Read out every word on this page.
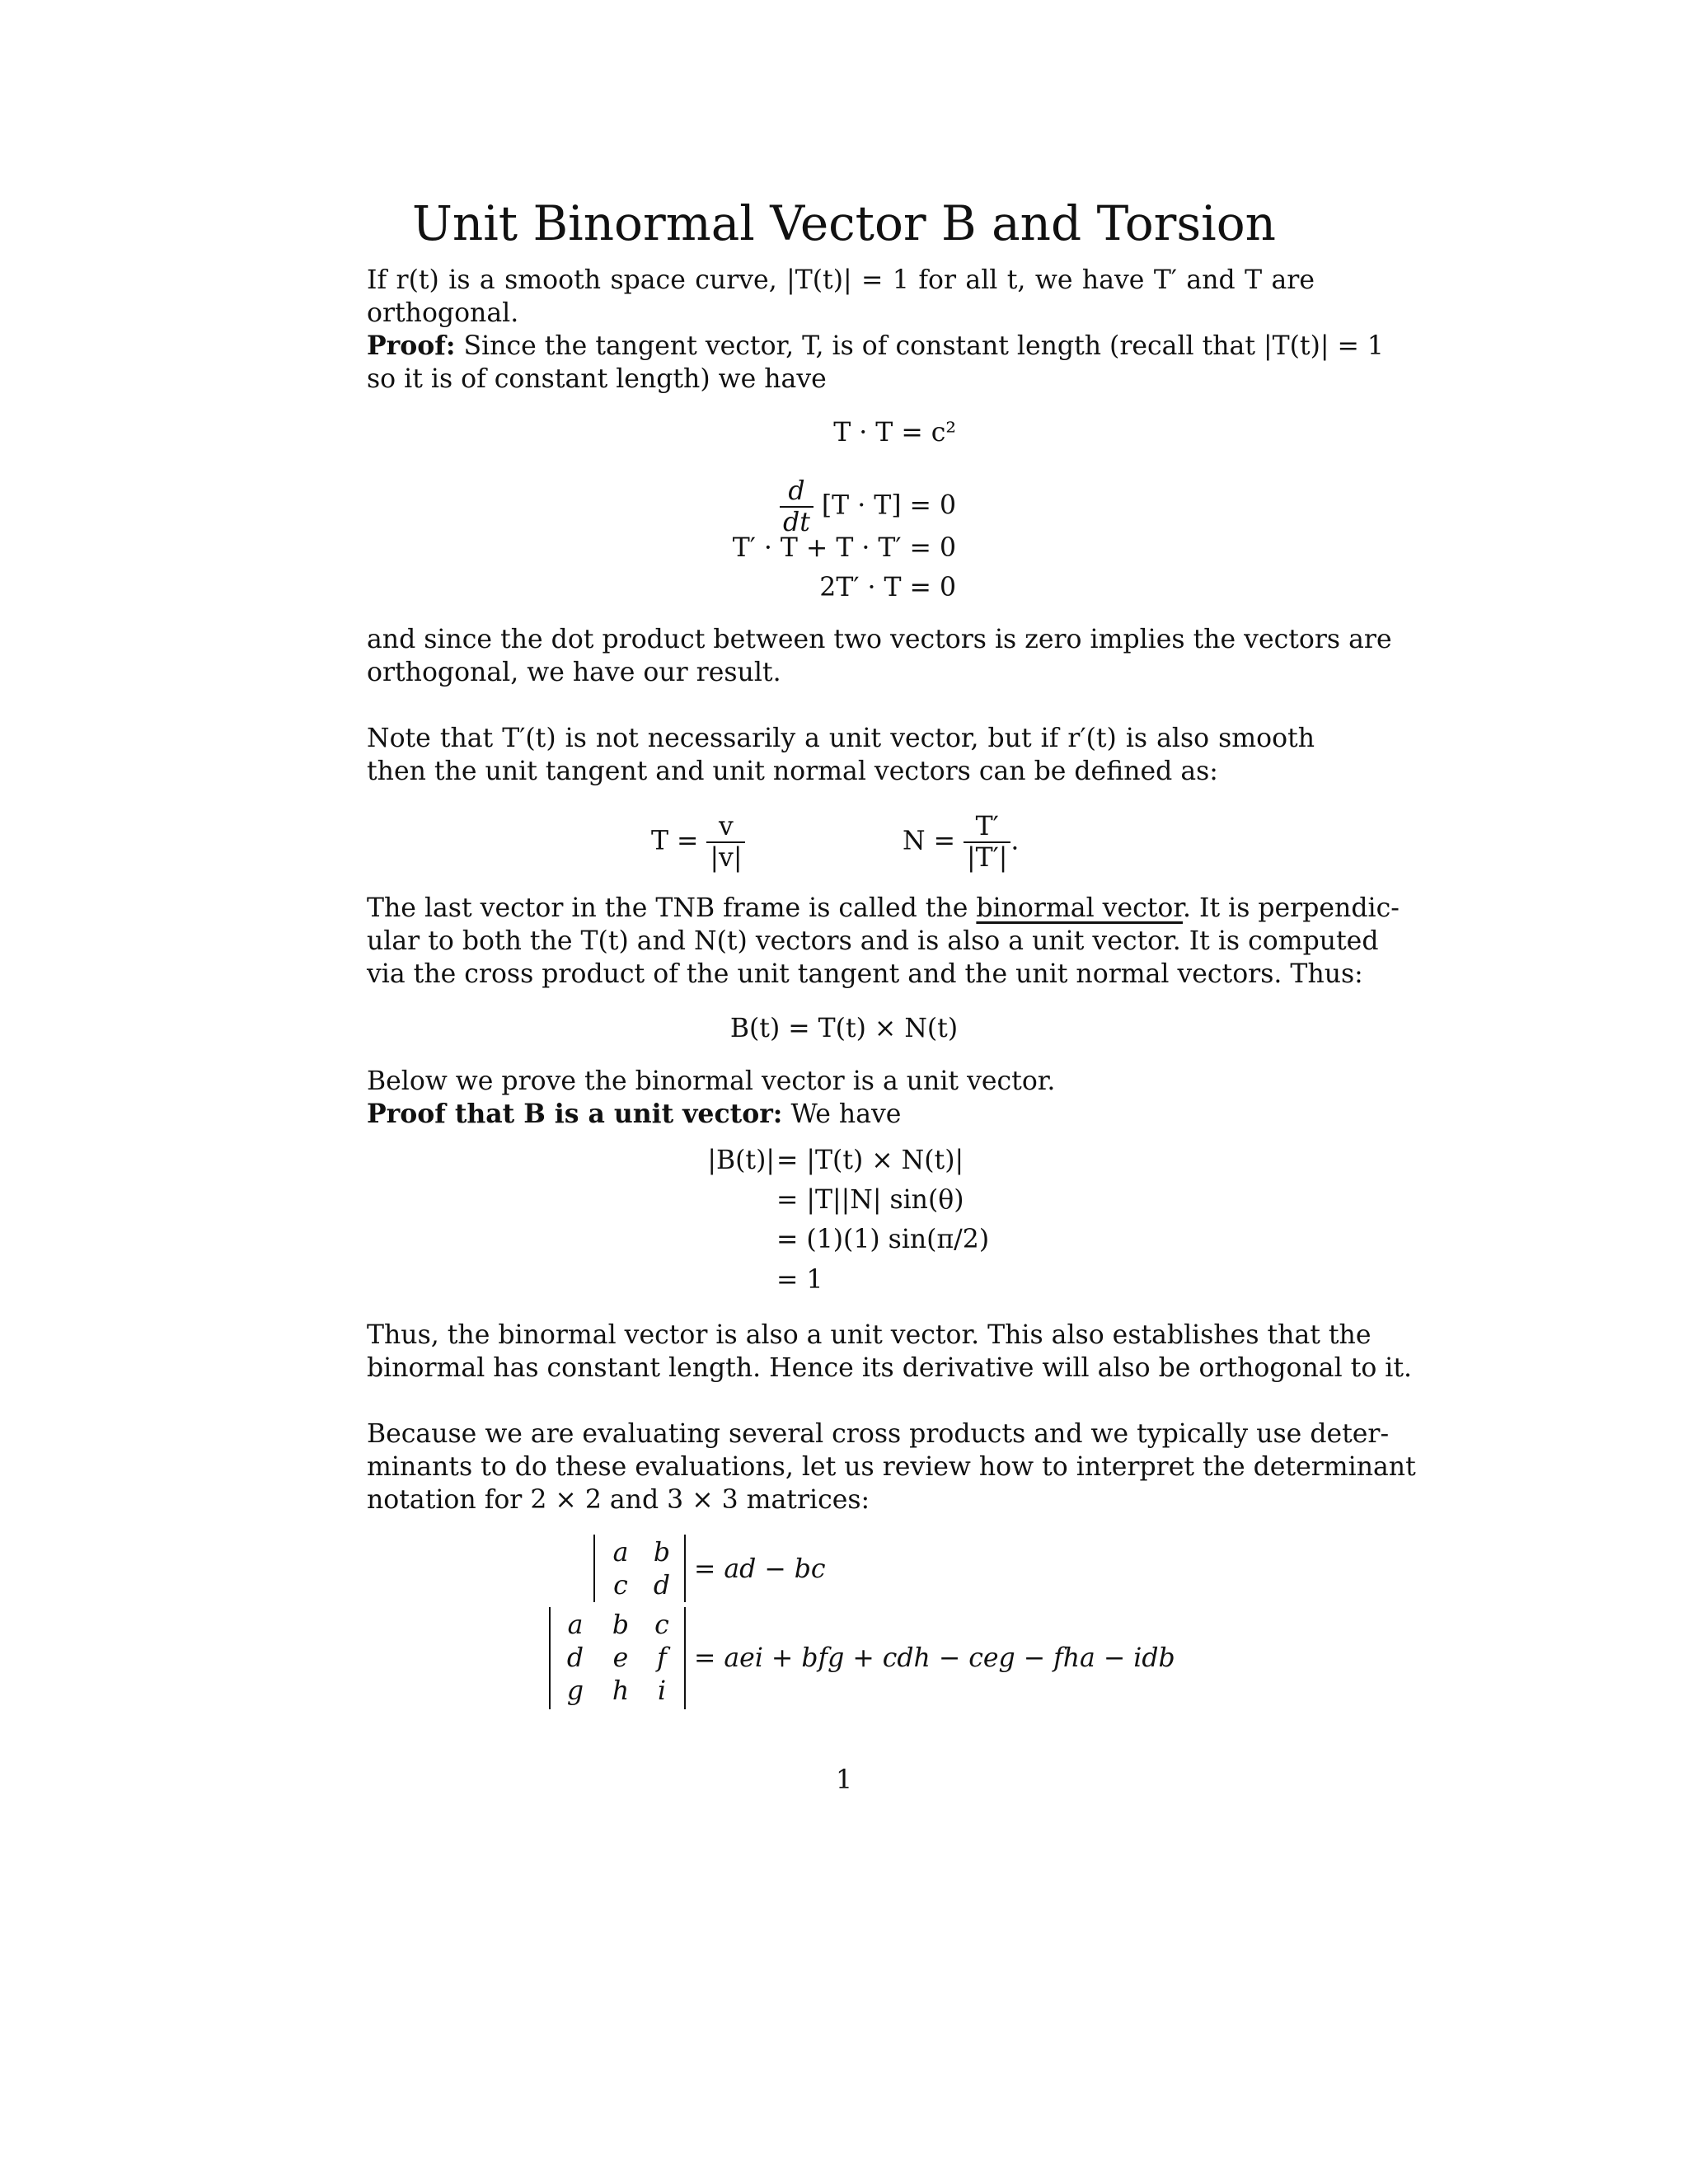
Unit Binormal Vector B and Torsion
If r(t) is a smooth space curve, |T(t)| = 1 for all t, we have T′ and T are
orthogonal.
Proof: Since the tangent vector, T, is of constant length (recall that |T(t)| = 1
so it is of constant length) we have
T · T = c²
$\frac{d}{dt} [T \cdot T] = 0$
T′ · T + T · T′ = 0
2T′ · T = 0
and since the dot product between two vectors is zero implies the vectors are
orthogonal, we have our result.
Note that T′(t) is not necessarily a unit vector, but if r′(t) is also smooth
then the unit tangent and unit normal vectors can be defined as:
$T = \frac{v}{|v|}$	$N = \frac{T'}{|T'|}$ .
The last vector in the TNB frame is called the binormal vector. It is perpendic-
ular to both the T(t) and N(t) vectors and is also a unit vector. It is computed
via the cross product of the unit tangent and the unit normal vectors. Thus:
B(t) = T(t) × N(t)
Below we prove the binormal vector is a unit vector.
Proof that B is a unit vector: We have
|B(t)| = |T(t) × N(t)|
= |T||N| sin(θ)
= (1)(1) sin(π/2)
= 1
Thus, the binormal vector is also a unit vector. This also establishes that the
binormal has constant length. Hence its derivative will also be orthogonal to it.
Because we are evaluating several cross products and we typically use deter-
minants to do these evaluations, let us review how to interpret the determinant
notation for 2 × 2 and 3 × 3 matrices:
a b
c d
= ad − bc
a	b c
d	e	f
g	h	i
= aei + bfg + cdh − ceg − fha − idb
1
